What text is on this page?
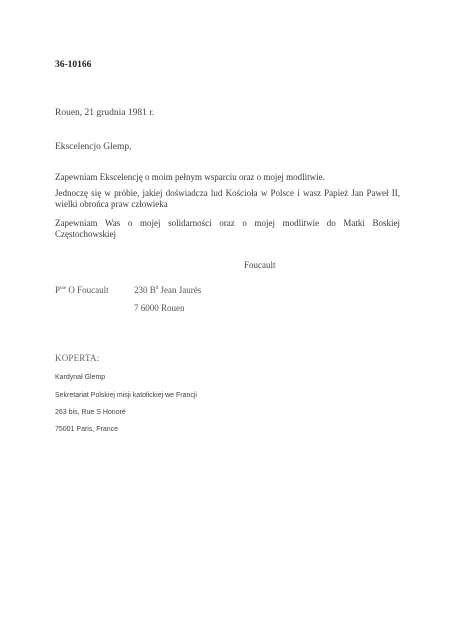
36-10166
Rouen, 21 grudnia 1981 r.
Ekscelencjo Glemp,
Zapewniam Ekscelencję o moim pełnym wsparciu oraz o mojej modlitwie.
Jednoczę się w próbie, jakiej doświadcza lud Kościoła w Polsce i wasz Papież Jan Paweł II, wielki obrońca praw człowieka
Zapewniam Was o mojej solidarności oraz o mojej modlitwie do Matki Boskiej Częstochowskiej
Foucault
$P^{sse}$ O Foucault	230 $B^d$ Jean Jaurès
7 6000 Rouen
KOPERTA:
Kardynał Glemp
Sekretariat Polskiej misji katolickiej we Francji
263 bis, Rue S Honoré
75001 Paris, France
